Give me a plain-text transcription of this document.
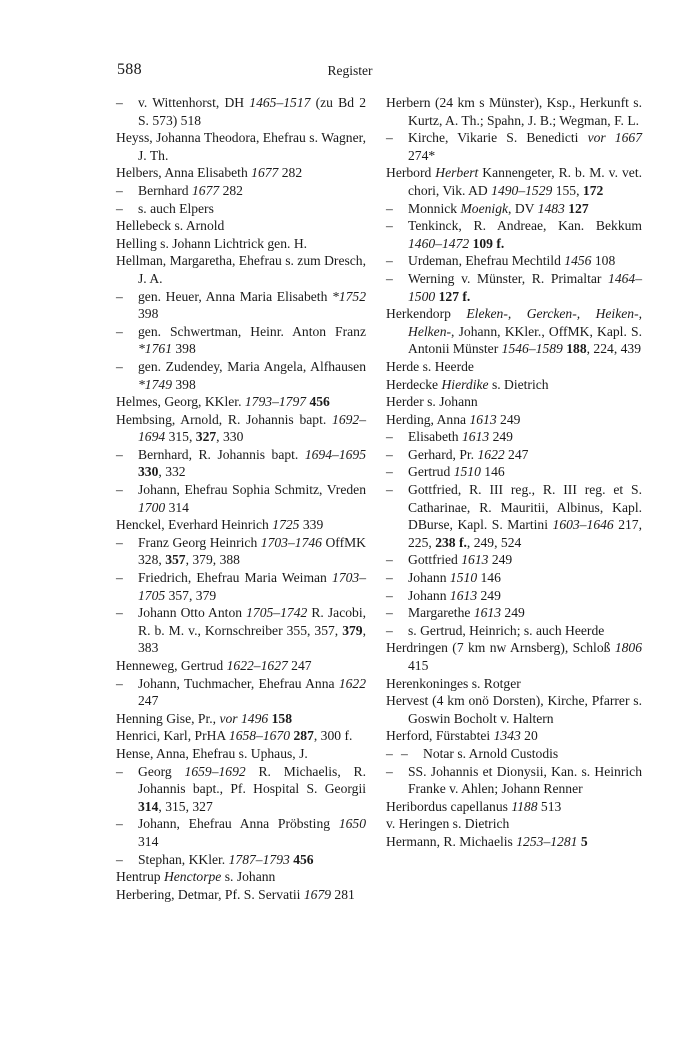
588	Register
– v. Wittenhorst, DH 1465–1517 (zu Bd 2 S. 573) 518
Heyss, Johanna Theodora, Ehefrau s. Wagner, J. Th.
Helbers, Anna Elisabeth 1677 282
– Bernhard 1677 282
– s. auch Elpers
Hellebeck s. Arnold
Helling s. Johann Lichtrick gen. H.
Hellman, Margaretha, Ehefrau s. zum Dresch, J. A.
– gen. Heuer, Anna Maria Elisabeth *1752 398
– gen. Schwertman, Heinr. Anton Franz *1761 398
– gen. Zudendey, Maria Angela, Alfhausen *1749 398
Helmes, Georg, KKler. 1793–1797 456
Hembsing, Arnold, R. Johannis bapt. 1692–1694 315, 327, 330
– Bernhard, R. Johannis bapt. 1694–1695 330, 332
– Johann, Ehefrau Sophia Schmitz, Vreden 1700 314
Henckel, Everhard Heinrich 1725 339
– Franz Georg Heinrich 1703–1746 OffMK 328, 357, 379, 388
– Friedrich, Ehefrau Maria Weiman 1703–1705 357, 379
– Johann Otto Anton 1705–1742 R. Jacobi, R. b. M. v., Kornschreiber 355, 357, 379, 383
Henneweg, Gertrud 1622–1627 247
– Johann, Tuchmacher, Ehefrau Anna 1622 247
Henning Gise, Pr., vor 1496 158
Henrici, Karl, PrHA 1658–1670 287, 300 f.
Hense, Anna, Ehefrau s. Uphaus, J.
– Georg 1659–1692 R. Michaelis, R. Johannis bapt., Pf. Hospital S. Georgii 314, 315, 327
– Johann, Ehefrau Anna Pröbsting 1650 314
– Stephan, KKler. 1787–1793 456
Hentrup Henctorpe s. Johann
Herbering, Detmar, Pf. S. Servatii 1679 281
Herbern (24 km s Münster), Ksp., Herkunft s. Kurtz, A. Th.; Spahn, J. B.; Wegman, F. L.
– Kirche, Vikarie S. Benedicti vor 1667 274*
Herbord Herbert Kannengeter, R. b. M. v. vet. chori, Vik. AD 1490–1529 155, 172
– Monnick Moenigk, DV 1483 127
– Tenkinck, R. Andreae, Kan. Bekkum 1460–1472 109 f.
– Urdeman, Ehefrau Mechtild 1456 108
– Werning v. Münster, R. Primaltar 1464–1500 127 f.
Herkendorp Eleken-, Gercken-, Heiken-, Helken-, Johann, KKler., OffMK, Kapl. S. Antonii Münster 1546–1589 188, 224, 439
Herde s. Heerde
Herdecke Hierdike s. Dietrich
Herder s. Johann
Herding, Anna 1613 249
– Elisabeth 1613 249
– Gerhard, Pr. 1622 247
– Gertrud 1510 146
– Gottfried, R. III reg., R. III reg. et S. Catharinae, R. Mauritii, Albinus, Kapl. DBurse, Kapl. S. Martini 1603–1646 217, 225, 238 f., 249, 524
– Gottfried 1613 249
– Johann 1510 146
– Johann 1613 249
– Margarethe 1613 249
– s. Gertrud, Heinrich; s. auch Heerde
Herdringen (7 km nw Arnsberg), Schloß 1806 415
Herenkoninges s. Rotger
Hervest (4 km onö Dorsten), Kirche, Pfarrer s. Goswin Bocholt v. Haltern
Herford, Fürstabtei 1343 20
– – Notar s. Arnold Custodis
– SS. Johannis et Dionysii, Kan. s. Heinrich Franke v. Ahlen; Johann Renner
Heribordus capellanus 1188 513
v. Heringen s. Dietrich
Hermann, R. Michaelis 1253–1281 5
